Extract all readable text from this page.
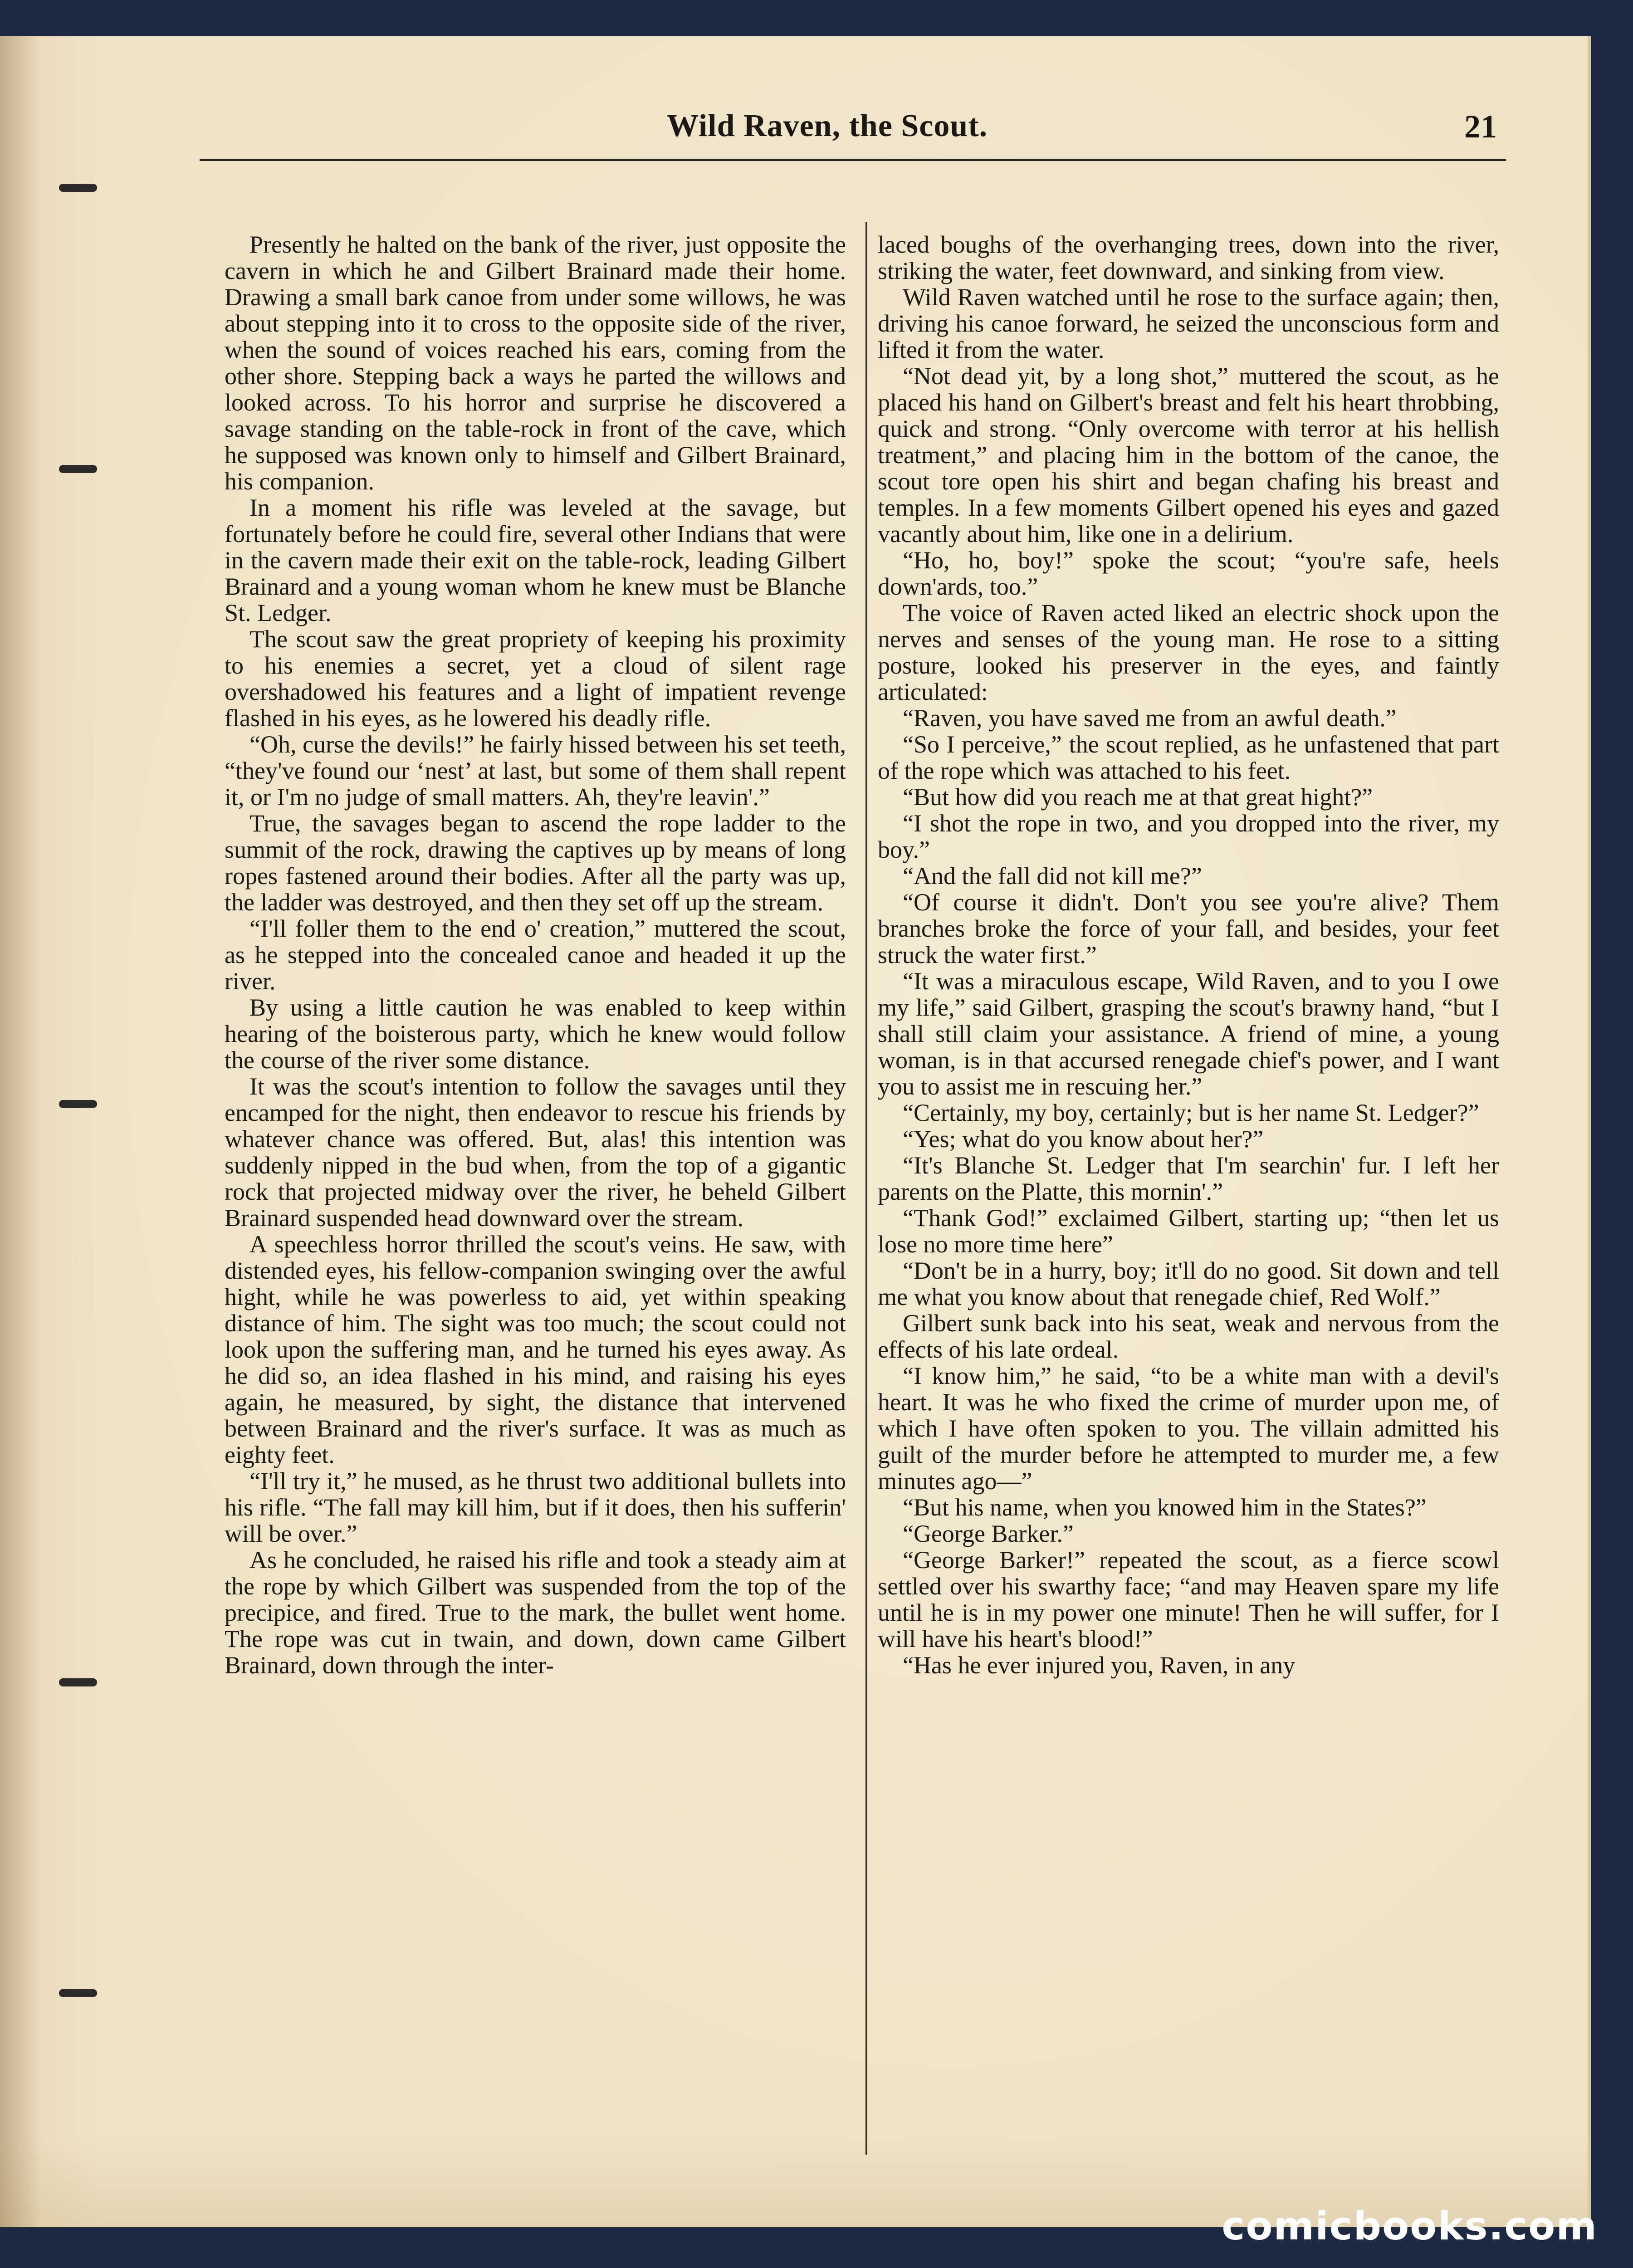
Wild Raven, the Scout.	21

Presently he halted on the bank of the river, just opposite the cavern in which he and Gilbert Brainard made their home. Drawing a small bark canoe from under some willows, he was about stepping into it to cross to the opposite side of the river, when the sound of voices reached his ears, coming from the other shore. Stepping back a ways he parted the willows and looked across. To his horror and surprise he discovered a savage standing on the table-rock in front of the cave, which he supposed was known only to himself and Gilbert Brainard, his companion.

In a moment his rifle was leveled at the savage, but fortunately before he could fire, several other Indians that were in the cavern made their exit on the table-rock, leading Gilbert Brainard and a young woman whom he knew must be Blanche St. Ledger.

The scout saw the great propriety of keeping his proximity to his enemies a secret, yet a cloud of silent rage overshadowed his features and a light of impatient revenge flashed in his eyes, as he lowered his deadly rifle.

“Oh, curse the devils!” he fairly hissed between his set teeth, “they've found our ‘nest’ at last, but some of them shall repent it, or I'm no judge of small matters. Ah, they're leavin'.”

True, the savages began to ascend the rope ladder to the summit of the rock, drawing the captives up by means of long ropes fastened around their bodies. After all the party was up, the ladder was destroyed, and then they set off up the stream.

“I'll foller them to the end o' creation,” muttered the scout, as he stepped into the concealed canoe and headed it up the river.

By using a little caution he was enabled to keep within hearing of the boisterous party, which he knew would follow the course of the river some distance.

It was the scout's intention to follow the savages until they encamped for the night, then endeavor to rescue his friends by whatever chance was offered. But, alas! this intention was suddenly nipped in the bud when, from the top of a gigantic rock that projected midway over the river, he beheld Gilbert Brainard suspended head downward over the stream.

A speechless horror thrilled the scout's veins. He saw, with distended eyes, his fellow-companion swinging over the awful hight, while he was powerless to aid, yet within speaking distance of him. The sight was too much; the scout could not look upon the suffering man, and he turned his eyes away. As he did so, an idea flashed in his mind, and raising his eyes again, he measured, by sight, the distance that intervened between Brainard and the river's surface. It was as much as eighty feet.

“I'll try it,” he mused, as he thrust two additional bullets into his rifle. “The fall may kill him, but if it does, then his sufferin' will be over.”

As he concluded, he raised his rifle and took a steady aim at the rope by which Gilbert was suspended from the top of the precipice, and fired. True to the mark, the bullet went home. The rope was cut in twain, and down, down came Gilbert Brainard, down through the inter-

laced boughs of the overhanging trees, down into the river, striking the water, feet downward, and sinking from view.

Wild Raven watched until he rose to the surface again; then, driving his canoe forward, he seized the unconscious form and lifted it from the water.

“Not dead yit, by a long shot,” muttered the scout, as he placed his hand on Gilbert's breast and felt his heart throbbing, quick and strong. “Only overcome with terror at his hellish treatment,” and placing him in the bottom of the canoe, the scout tore open his shirt and began chafing his breast and temples. In a few moments Gilbert opened his eyes and gazed vacantly about him, like one in a delirium.

“Ho, ho, boy!” spoke the scout; “you're safe, heels down'ards, too.”

The voice of Raven acted liked an electric shock upon the nerves and senses of the young man. He rose to a sitting posture, looked his preserver in the eyes, and faintly articulated:

“Raven, you have saved me from an awful death.”

“So I perceive,” the scout replied, as he unfastened that part of the rope which was attached to his feet.

“But how did you reach me at that great hight?”

“I shot the rope in two, and you dropped into the river, my boy.”

“And the fall did not kill me?”

“Of course it didn't. Don't you see you're alive? Them branches broke the force of your fall, and besides, your feet struck the water first.”

“It was a miraculous escape, Wild Raven, and to you I owe my life,” said Gilbert, grasping the scout's brawny hand, “but I shall still claim your assistance. A friend of mine, a young woman, is in that accursed renegade chief's power, and I want you to assist me in rescuing her.”

“Certainly, my boy, certainly; but is her name St. Ledger?”

“Yes; what do you know about her?”

“It's Blanche St. Ledger that I'm searchin' fur. I left her parents on the Platte, this mornin'.”

“Thank God!” exclaimed Gilbert, starting up; “then let us lose no more time here”

“Don't be in a hurry, boy; it'll do no good. Sit down and tell me what you know about that renegade chief, Red Wolf.”

Gilbert sunk back into his seat, weak and nervous from the effects of his late ordeal.

“I know him,” he said, “to be a white man with a devil's heart. It was he who fixed the crime of murder upon me, of which I have often spoken to you. The villain admitted his guilt of the murder before he attempted to murder me, a few minutes ago—”

“But his name, when you knowed him in the States?”

“George Barker.”

“George Barker!” repeated the scout, as a fierce scowl settled over his swarthy face; “and may Heaven spare my life until he is in my power one minute! Then he will suffer, for I will have his heart's blood!”

“Has he ever injured you, Raven, in any

comicbooks.com
